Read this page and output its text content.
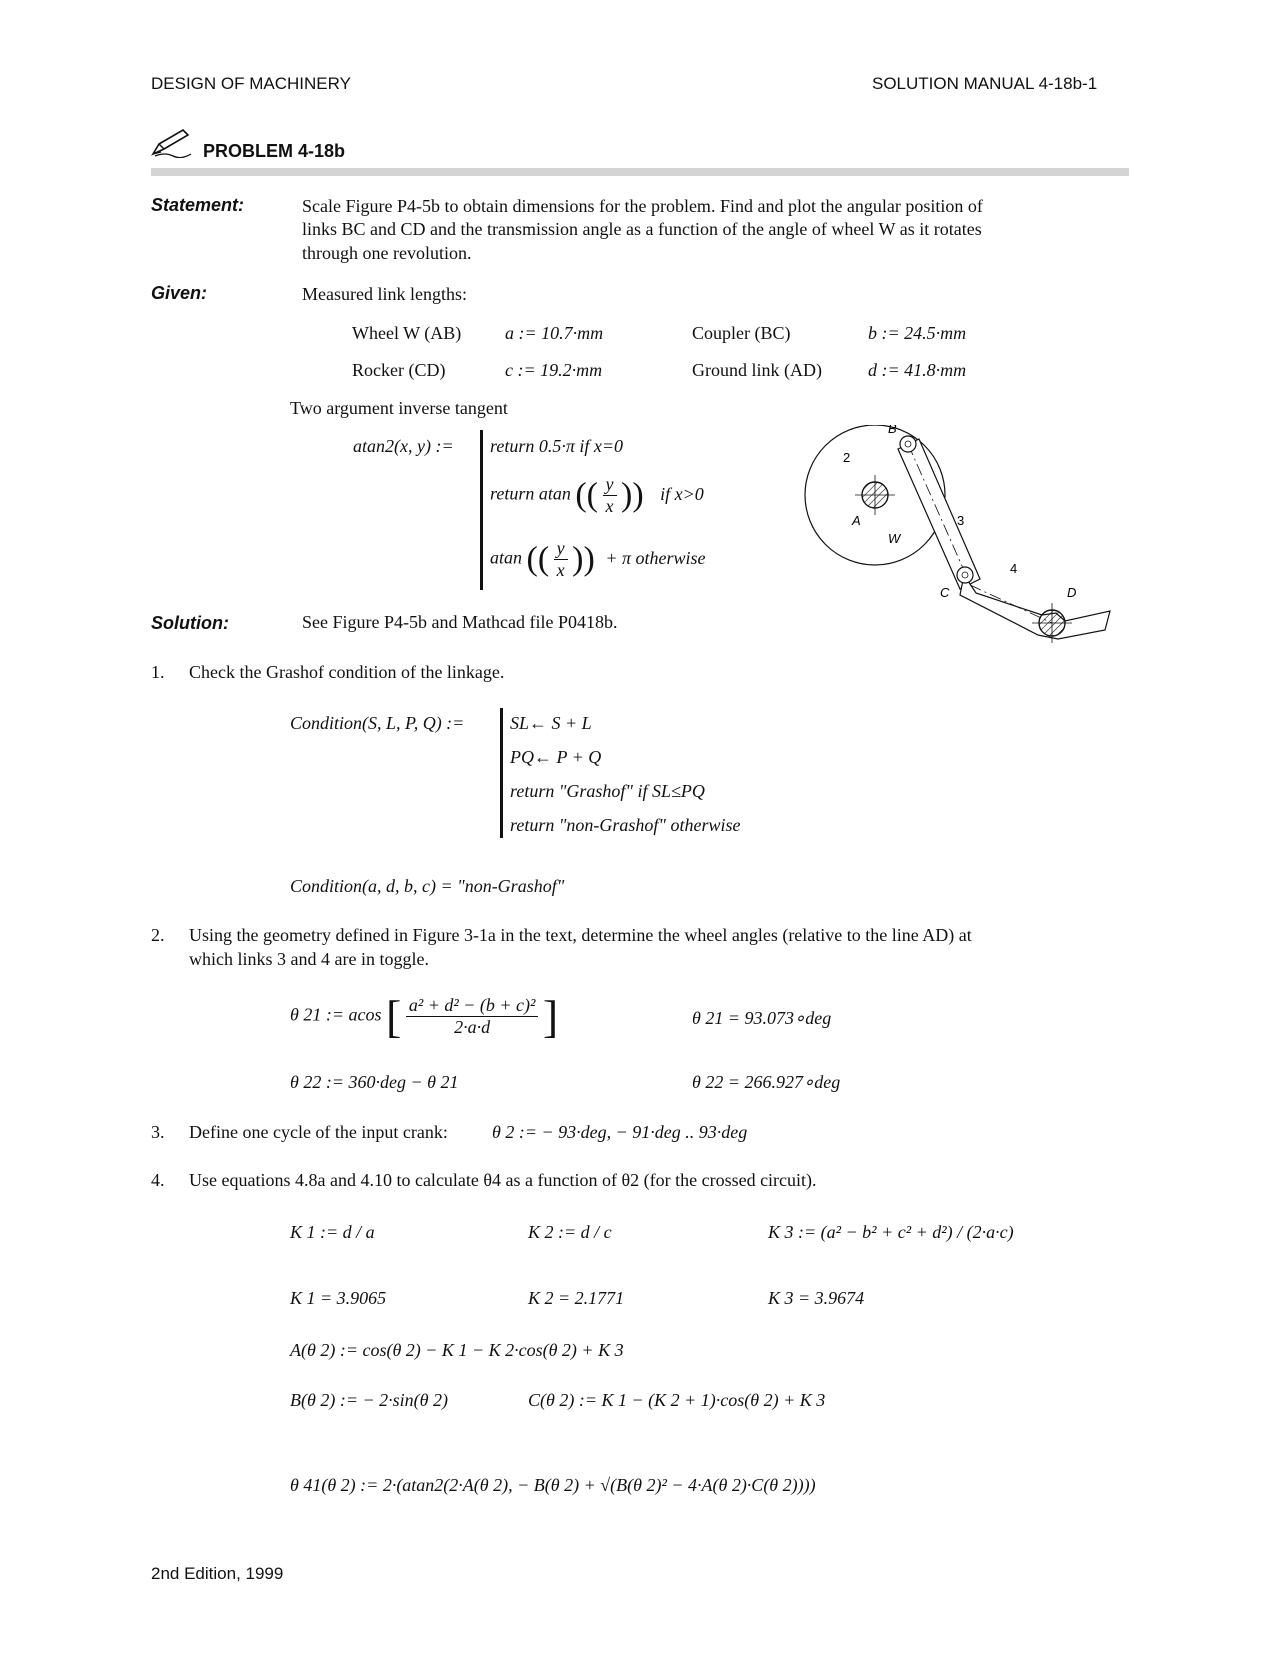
DESIGN OF MACHINERY	SOLUTION MANUAL 4-18b-1
PROBLEM 4-18b
Statement:	Scale Figure P4-5b to obtain dimensions for the problem. Find and plot the angular position of
links BC and CD and the transmission angle as a function of the angle of wheel W as it rotates
through one revolution.
Given:	Measured link lengths:
Wheel W (AB) a := 10.7·mm	Coupler (BC)	b := 24.5·mm
Rocker (CD)	c := 19.2·mm	Ground link (AD)	d := 41.8·mm
Two argument inverse tangent
atan2(x, y) := return 0.5·π if x=0
return atan (( $\frac{y}{x}$ )) if x>0
atan (( $\frac{y}{x}$ )) + π otherwise
2
B
A	3
W
4
C	D
Solution:	See Figure P4-5b and Mathcad file P0418b.
1. Check the Grashof condition of the linkage.
Condition(S, L, P, Q) :=	SL← S + L
PQ← P + Q
return "Grashof" if SL≤PQ
return "non-Grashof" otherwise
Condition(a, d, b, c) = "non-Grashof"
2. Using the geometry defined in Figure 3-1a in the text, determine the wheel angles (relative to the line AD) at
which links 3 and 4 are in toggle.
θ 21 := acos [ $\frac{\text{a² + d² − (b + c)²}}{2\cdot a\cdot d}$ ]	θ 21 = 93.073∘deg
θ 22 := 360·deg − θ 21	θ 22 = 266.927∘deg
3. Define one cycle of the input crank: θ 2 := − 93·deg, − 91·deg .. 93·deg
4. Use equations 4.8a and 4.10 to calculate θ4 as a function of θ2 (for the crossed circuit).
K 1 := d / a	K 2 := d / c	K 3 := (a² − b² + c² + d²) / (2·a·c)
K 1 = 3.9065	K 2 = 2.1771	K 3 = 3.9674
A(θ 2) := cos(θ 2) − K 1 − K 2·cos(θ 2) + K 3
B(θ 2) := − 2·sin(θ 2)	C(θ 2) := K 1 − (K 2 + 1)·cos(θ 2) + K 3
θ 41(θ 2) := 2·(atan2(2·A(θ 2), − B(θ 2) + √(B(θ 2)² − 4·A(θ 2)·C(θ 2))))
2nd Edition, 1999
